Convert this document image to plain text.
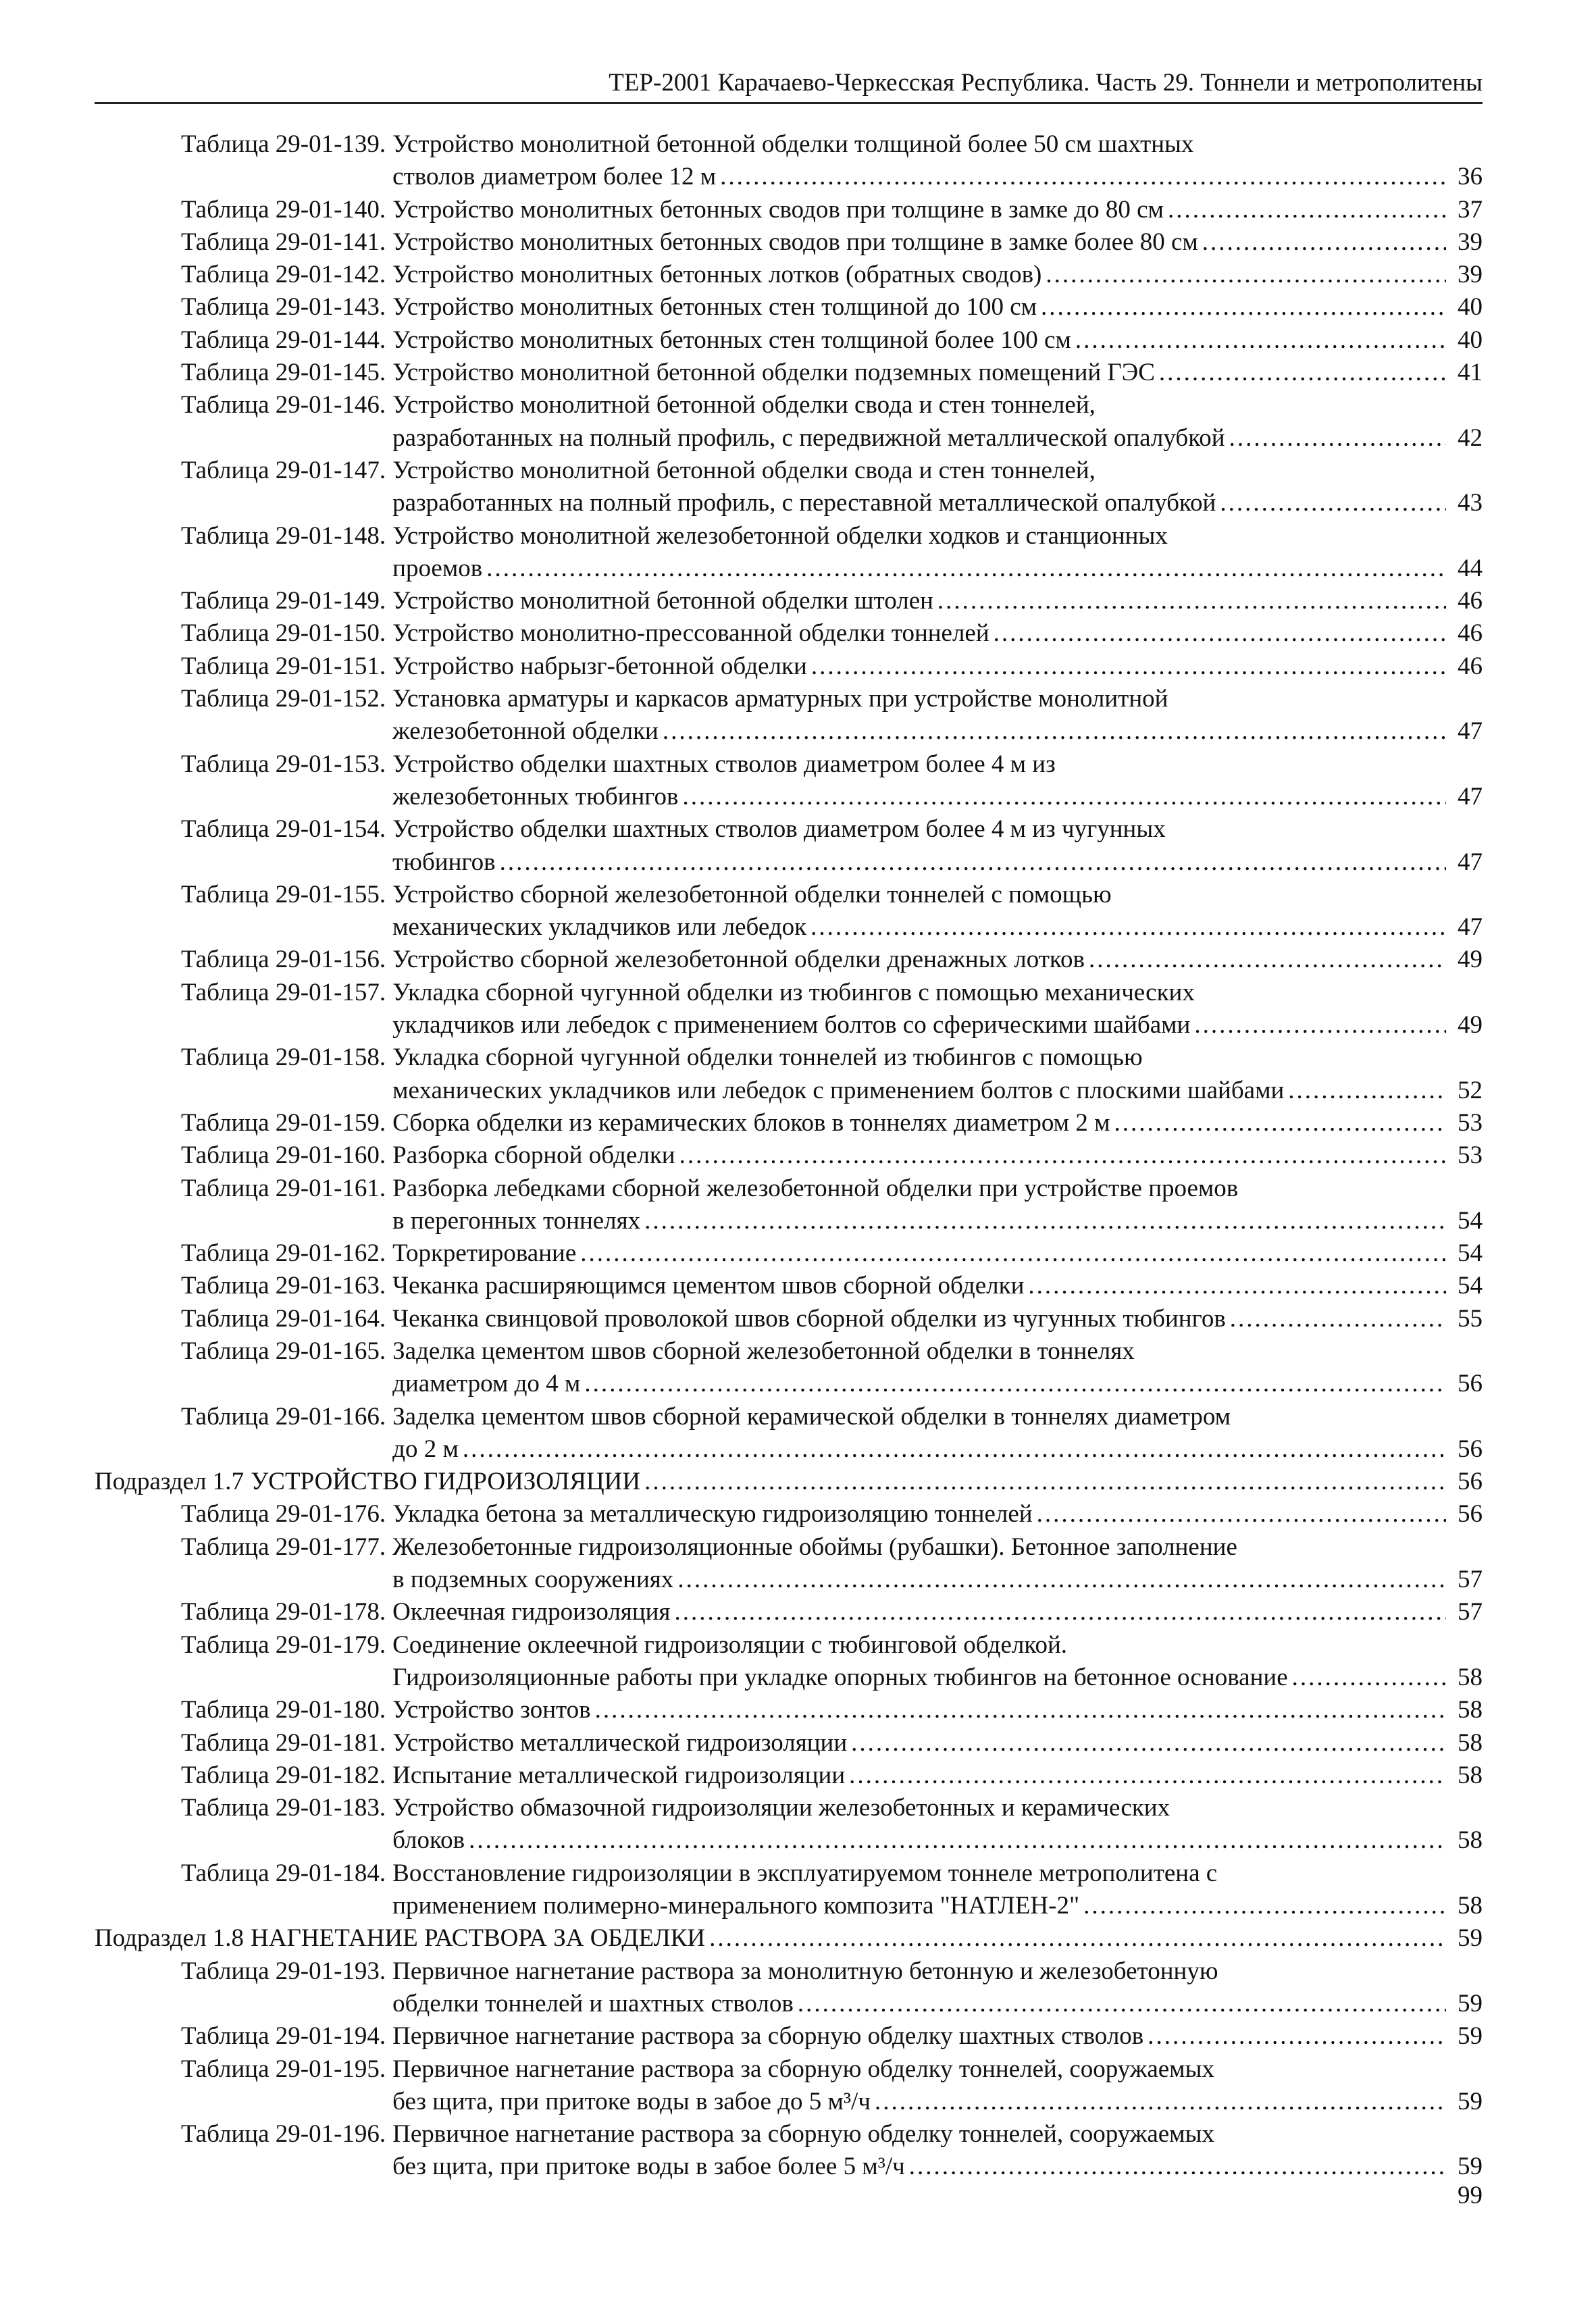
ТЕР-2001 Карачаево-Черкесская Республика. Часть 29. Тоннели и метрополитены
Таблица 29-01-139. Устройство монолитной бетонной обделки толщиной более 50 см шахтных
стволов диаметром более 12 м .....	36
Таблица 29-01-140. Устройство монолитных бетонных сводов при толщине в замке до 80 см .....	37
Таблица 29-01-141. Устройство монолитных бетонных сводов при толщине в замке более 80 см .....	39
Таблица 29-01-142. Устройство монолитных бетонных лотков (обратных сводов) .....	39
Таблица 29-01-143. Устройство монолитных бетонных стен толщиной до 100 см .....	40
Таблица 29-01-144. Устройство монолитных бетонных стен толщиной более 100 см .....	40
Таблица 29-01-145. Устройство монолитной бетонной обделки подземных помещений ГЭС .....	41
Таблица 29-01-146. Устройство монолитной бетонной обделки свода и стен тоннелей,
разработанных на полный профиль, с передвижной металлической опалубкой .....	42
Таблица 29-01-147. Устройство монолитной бетонной обделки свода и стен тоннелей,
разработанных на полный профиль, с переставной металлической опалубкой .....	43
Таблица 29-01-148. Устройство монолитной железобетонной обделки ходков и станционных
проемов .....	44
Таблица 29-01-149. Устройство монолитной бетонной обделки штолен .....	46
Таблица 29-01-150. Устройство монолитно-прессованной обделки тоннелей .....	46
Таблица 29-01-151. Устройство набрызг-бетонной обделки .....	46
Таблица 29-01-152. Установка арматуры и каркасов арматурных при устройстве монолитной
железобетонной обделки .....	47
Таблица 29-01-153. Устройство обделки шахтных стволов диаметром более 4 м из
железобетонных тюбингов .....	47
Таблица 29-01-154. Устройство обделки шахтных стволов диаметром более 4 м из чугунных
тюбингов .....	47
Таблица 29-01-155. Устройство сборной железобетонной обделки тоннелей с помощью
механических укладчиков или лебедок .....	47
Таблица 29-01-156. Устройство сборной железобетонной обделки дренажных лотков .....	49
Таблица 29-01-157. Укладка сборной чугунной обделки из тюбингов с помощью механических
укладчиков или лебедок с применением болтов со сферическими шайбами .....	49
Таблица 29-01-158. Укладка сборной чугунной обделки тоннелей из тюбингов с помощью
механических укладчиков или лебедок с применением болтов с плоскими шайбами .....	52
Таблица 29-01-159. Сборка обделки из керамических блоков в тоннелях диаметром 2 м .....	53
Таблица 29-01-160. Разборка сборной обделки .....	53
Таблица 29-01-161. Разборка лебедками сборной железобетонной обделки при устройстве проемов
в перегонных тоннелях .....	54
Таблица 29-01-162. Торкретирование .....	54
Таблица 29-01-163. Чеканка расширяющимся цементом швов сборной обделки .....	54
Таблица 29-01-164. Чеканка свинцовой проволокой швов сборной обделки из чугунных тюбингов .....	55
Таблица 29-01-165. Заделка цементом швов сборной железобетонной обделки в тоннелях
диаметром до 4 м .....	56
Таблица 29-01-166. Заделка цементом швов сборной керамической обделки в тоннелях диаметром
до 2 м .....	56
Подраздел 1.7 УСТРОЙСТВО ГИДРОИЗОЛЯЦИИ .....	56
Таблица 29-01-176. Укладка бетона за металлическую гидроизоляцию тоннелей .....	56
Таблица 29-01-177. Железобетонные гидроизоляционные обоймы (рубашки). Бетонное заполнение
в подземных сооружениях .....	57
Таблица 29-01-178. Оклеечная гидроизоляция .....	57
Таблица 29-01-179. Соединение оклеечной гидроизоляции с тюбинговой обделкой.
Гидроизоляционные работы при укладке опорных тюбингов на бетонное основание .....	58
Таблица 29-01-180. Устройство зонтов .....	58
Таблица 29-01-181. Устройство металлической гидроизоляции .....	58
Таблица 29-01-182. Испытание металлической гидроизоляции .....	58
Таблица 29-01-183. Устройство обмазочной гидроизоляции железобетонных и керамических
блоков .....	58
Таблица 29-01-184. Восстановление гидроизоляции в эксплуатируемом тоннеле метрополитена с
применением полимерно-минерального композита "НАТЛЕН-2" .....	58
Подраздел 1.8 НАГНЕТАНИЕ РАСТВОРА ЗА ОБДЕЛКИ .....	59
Таблица 29-01-193. Первичное нагнетание раствора за монолитную бетонную и железобетонную
обделки тоннелей и шахтных стволов .....	59
Таблица 29-01-194. Первичное нагнетание раствора за сборную обделку шахтных стволов .....	59
Таблица 29-01-195. Первичное нагнетание раствора за сборную обделку тоннелей, сооружаемых
без щита, при притоке воды в забое до 5 м³/ч .....	59
Таблица 29-01-196. Первичное нагнетание раствора за сборную обделку тоннелей, сооружаемых
без щита, при притоке воды в забое более 5 м³/ч .....	59
99
